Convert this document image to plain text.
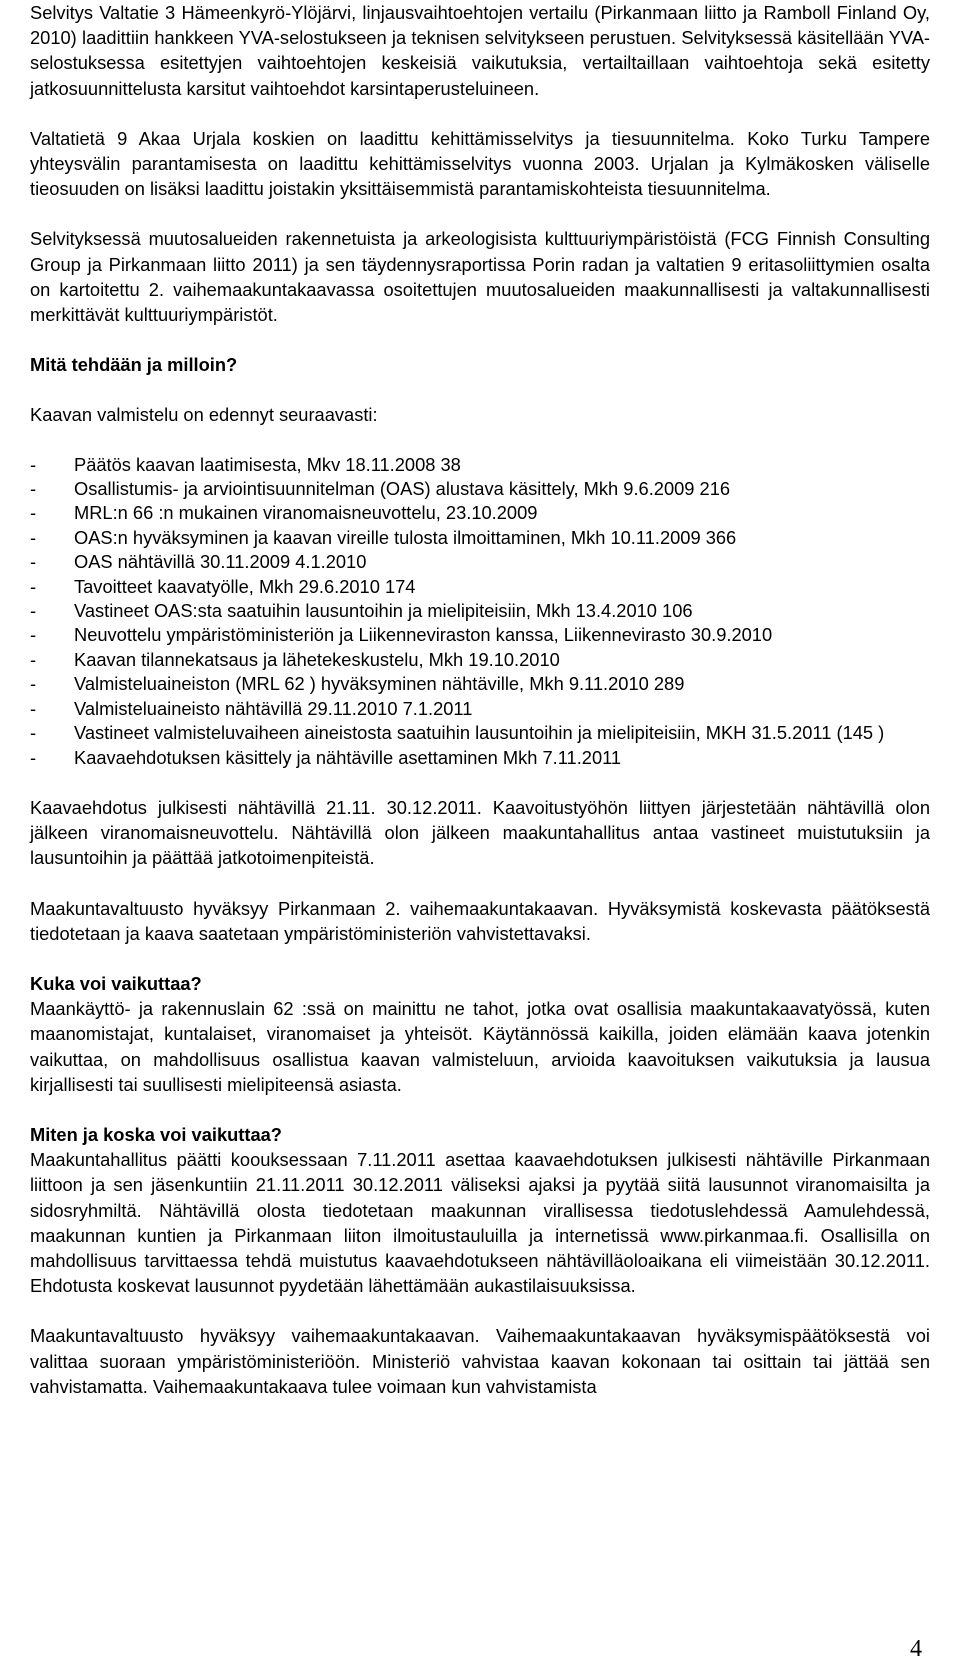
Selvitys Valtatie 3 Hämeenkyrö-Ylöjärvi, linjausvaihtoehtojen vertailu (Pirkanmaan liitto ja Ramboll Finland Oy, 2010) laadittiin hankkeen YVA-selostukseen ja teknisen selvitykseen perustuen. Selvityksessä käsitellään YVA-selostuksessa esitettyjen vaihtoehtojen keskeisiä vaikutuksia, vertailtaillaan vaihtoehtoja sekä esitetty jatkosuunnittelusta karsitut vaihtoehdot karsintaperusteluineen.

Valtatietä 9 Akaa Urjala koskien on laadittu kehittämisselvitys ja tiesuunnitelma. Koko Turku Tampere yhteysvälin parantamisesta on laadittu kehittämisselvitys vuonna 2003. Urjalan ja Kylmäkosken väliselle tieosuuden on lisäksi laadittu joistakin yksittäisemmistä parantamiskohteista tiesuunnitelma.

Selvityksessä muutosalueiden rakennetuista ja arkeologisista kulttuuriympäristöistä (FCG Finnish Consulting Group ja Pirkanmaan liitto 2011) ja sen täydennysraportissa Porin radan ja valtatien 9 eritasoliittymien osalta on kartoitettu 2. vaihemaakuntakaavassa osoitettujen muutosalueiden maakunnallisesti ja valtakunnallisesti merkittävät kulttuuriympäristöt.

Mitä tehdään ja milloin?

Kaavan valmistelu on edennyt seuraavasti:

- Päätös kaavan laatimisesta, Mkv 18.11.2008 38
- Osallistumis- ja arviointisuunnitelman (OAS) alustava käsittely, Mkh 9.6.2009 216
- MRL:n 66 :n mukainen viranomaisneuvottelu, 23.10.2009
- OAS:n hyväksyminen ja kaavan vireille tulosta ilmoittaminen, Mkh 10.11.2009 366
- OAS nähtävillä 30.11.2009 4.1.2010
- Tavoitteet kaavatyölle, Mkh 29.6.2010 174
- Vastineet OAS:sta saatuihin lausuntoihin ja mielipiteisiin, Mkh 13.4.2010 106
- Neuvottelu ympäristöministeriön ja Liikenneviraston kanssa, Liikennevirasto 30.9.2010
- Kaavan tilannekatsaus ja lähetekeskustelu, Mkh 19.10.2010
- Valmisteluaineiston (MRL 62 ) hyväksyminen nähtäville, Mkh 9.11.2010 289
- Valmisteluaineisto nähtävillä 29.11.2010 7.1.2011
- Vastineet valmisteluvaiheen aineistosta saatuihin lausuntoihin ja mielipiteisiin, MKH 31.5.2011 (145 )
- Kaavaehdotuksen käsittely ja nähtäville asettaminen Mkh 7.11.2011

Kaavaehdotus julkisesti nähtävillä 21.11. 30.12.2011. Kaavoitustyöhön liittyen järjestetään nähtävillä olon jälkeen viranomaisneuvottelu. Nähtävillä olon jälkeen maakuntahallitus antaa vastineet muistutuksiin ja lausuntoihin ja päättää jatkotoimenpiteistä.

Maakuntavaltuusto hyväksyy Pirkanmaan 2. vaihemaakuntakaavan. Hyväksymistä koskevasta päätöksestä tiedotetaan ja kaava saatetaan ympäristöministeriön vahvistettavaksi.

Kuka voi vaikuttaa?

Maankäyttö- ja rakennuslain 62 :ssä on mainittu ne tahot, jotka ovat osallisia maakuntakaavatyössä, kuten maanomistajat, kuntalaiset, viranomaiset ja yhteisöt. Käytännössä kaikilla, joiden elämään kaava jotenkin vaikuttaa, on mahdollisuus osallistua kaavan valmisteluun, arvioida kaavoituksen vaikutuksia ja lausua kirjallisesti tai suullisesti mielipiteensä asiasta.

Miten ja koska voi vaikuttaa?

Maakuntahallitus päätti koouksessaan 7.11.2011 asettaa kaavaehdotuksen julkisesti nähtäville Pirkanmaan liittoon ja sen jäsenkuntiin 21.11.2011 30.12.2011 väliseksi ajaksi ja pyytää siitä lausunnot viranomaisilta ja sidosryhmiltä. Nähtävillä olosta tiedotetaan maakunnan virallisessa tiedotuslehdessä Aamulehdessä, maakunnan kuntien ja Pirkanmaan liiton ilmoitustauluilla ja internetissä www.pirkanmaa.fi. Osallisilla on mahdollisuus tarvittaessa tehdä muistutus kaavaehdotukseen nähtävilläoloaikana eli viimeistään 30.12.2011. Ehdotusta koskevat lausunnot pyydetään lähettämään aukastilaisuuksissa.

Maakuntavaltuusto hyväksyy vaihemaakuntakaavan. Vaihemaakuntakaavan hyväksymispäätöksestä voi valittaa suoraan ympäristöministeriöön. Ministeriö vahvistaa kaavan kokonaan tai osittain tai jättää sen vahvistamatta. Vaihemaakuntakaava tulee voimaan kun vahvistamista

4
